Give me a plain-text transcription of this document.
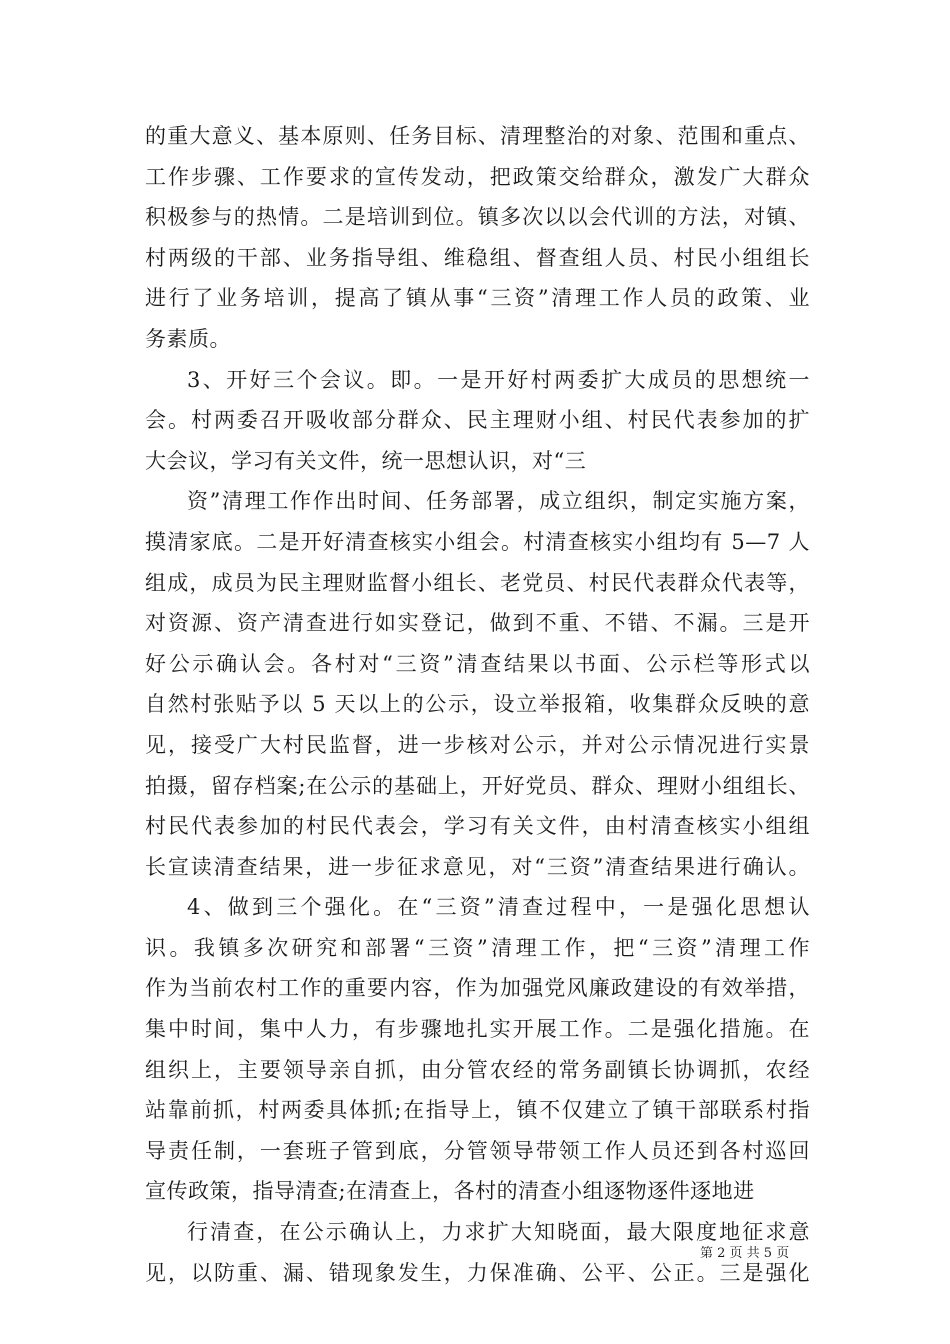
的重大意义、基本原则、任务目标、清理整治的对象、范围和重点、
工作步骤、工作要求的宣传发动，把政策交给群众，激发广大群众
积极参与的热情。二是培训到位。镇多次以以会代训的方法，对镇、
村两级的干部、业务指导组、维稳组、督查组人员、村民小组组长
进行了业务培训，提高了镇从事“三资”清理工作人员的政策、业
务素质。
3、开好三个会议。即。一是开好村两委扩大成员的思想统一
会。村两委召开吸收部分群众、民主理财小组、村民代表参加的扩
大会议，学习有关文件，统一思想认识，对“三
资”清理工作作出时间、任务部署，成立组织，制定实施方案，
摸清家底。二是开好清查核实小组会。村清查核实小组均有 5—7 人
组成，成员为民主理财监督小组长、老党员、村民代表群众代表等，
对资源、资产清查进行如实登记，做到不重、不错、不漏。三是开
好公示确认会。各村对“三资”清查结果以书面、公示栏等形式以
自然村张贴予以 5 天以上的公示，设立举报箱，收集群众反映的意
见，接受广大村民监督，进一步核对公示，并对公示情况进行实景
拍摄，留存档案;在公示的基础上，开好党员、群众、理财小组组长、
村民代表参加的村民代表会，学习有关文件，由村清查核实小组组
长宣读清查结果，进一步征求意见，对“三资”清查结果进行确认。
4、做到三个强化。在“三资”清查过程中，一是强化思想认
识。我镇多次研究和部署“三资”清理工作，把“三资”清理工作
作为当前农村工作的重要内容，作为加强党风廉政建设的有效举措，
集中时间，集中人力，有步骤地扎实开展工作。二是强化措施。在
组织上，主要领导亲自抓，由分管农经的常务副镇长协调抓，农经
站靠前抓，村两委具体抓;在指导上，镇不仅建立了镇干部联系村指
导责任制，一套班子管到底，分管领导带领工作人员还到各村巡回
宣传政策，指导清查;在清查上，各村的清查小组逐物逐件逐地进
行清查，在公示确认上，力求扩大知晓面，最大限度地征求意
见，以防重、漏、错现象发生，力保准确、公平、公正。三是强化
第 2 页 共 5 页
